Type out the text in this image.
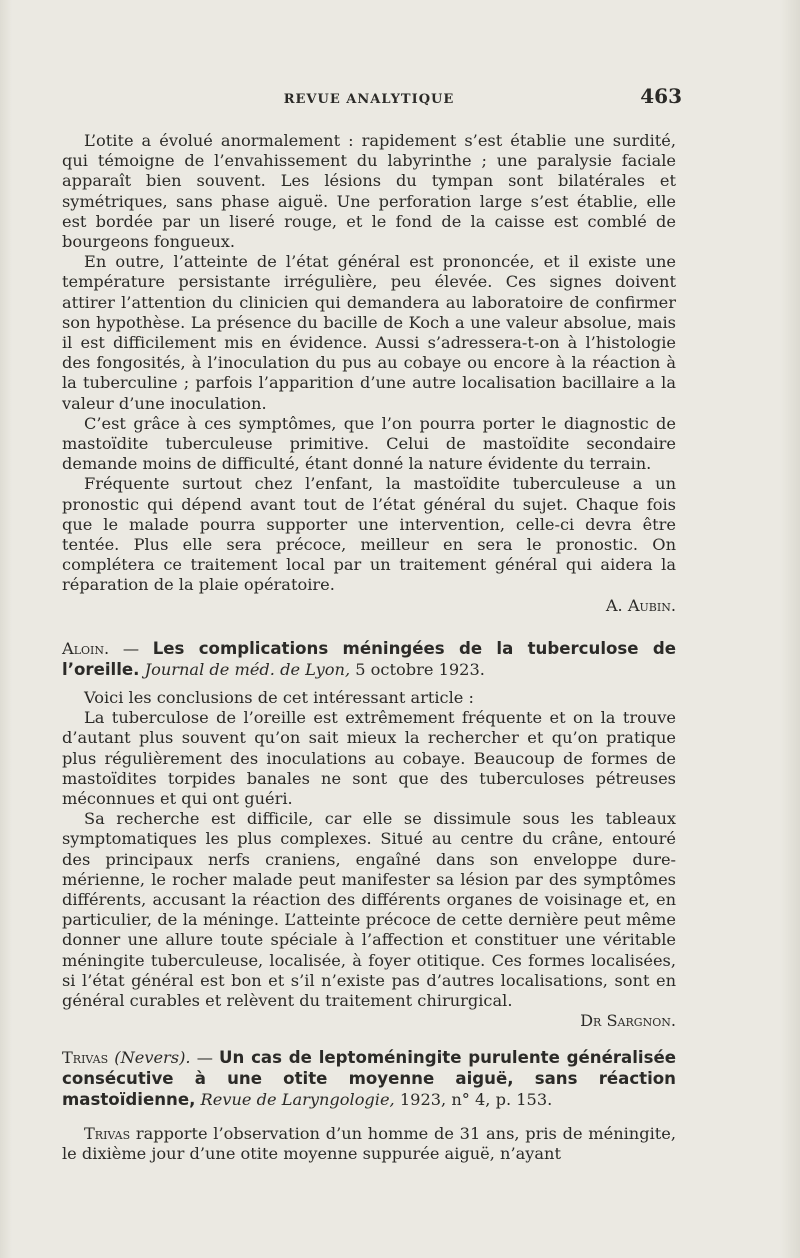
REVUE ANALYTIQUE	463

L’otite a évolué anormalement : rapidement s’est établie une surdité, qui témoigne de l’envahissement du labyrinthe ; une paralysie faciale apparaît bien souvent. Les lésions du tympan sont bilatérales et symétriques, sans phase aiguë. Une perforation large s’est établie, elle est bordée par un liseré rouge, et le fond de la caisse est comblé de bourgeons fongueux.

En outre, l’atteinte de l’état général est prononcée, et il existe une température persistante irrégulière, peu élevée. Ces signes doivent attirer l’attention du clinicien qui demandera au laboratoire de confirmer son hypothèse. La présence du bacille de Koch a une valeur absolue, mais il est difficilement mis en évidence. Aussi s’adressera-t-on à l’histologie des fongosités, à l’inoculation du pus au cobaye ou encore à la réaction à la tuberculine ; parfois l’apparition d’une autre localisation bacillaire a la valeur d’une inoculation.

C’est grâce à ces symptômes, que l’on pourra porter le diagnostic de mastoïdite tuberculeuse primitive. Celui de mastoïdite secondaire demande moins de difficulté, étant donné la nature évidente du terrain.

Fréquente surtout chez l’enfant, la mastoïdite tuberculeuse a un pronostic qui dépend avant tout de l’état général du sujet. Chaque fois que le malade pourra supporter une intervention, celle-ci devra être tentée. Plus elle sera précoce, meilleur en sera le pronostic. On complétera ce traitement local par un traitement général qui aidera la réparation de la plaie opératoire.

A. Aubin.

Aloin. — Les complications méningées de la tuberculose de l’oreille. Journal de méd. de Lyon, 5 octobre 1923.

Voici les conclusions de cet intéressant article :

La tuberculose de l’oreille est extrêmement fréquente et on la trouve d’autant plus souvent qu’on sait mieux la rechercher et qu’on pratique plus régulièrement des inoculations au cobaye. Beaucoup de formes de mastoïdites torpides banales ne sont que des tuberculoses pétreuses méconnues et qui ont guéri.

Sa recherche est difficile, car elle se dissimule sous les tableaux symptomatiques les plus complexes. Situé au centre du crâne, entouré des principaux nerfs craniens, engaîné dans son enveloppe dure-mérienne, le rocher malade peut manifester sa lésion par des symptômes différents, accusant la réaction des différents organes de voisinage et, en particulier, de la méninge. L’atteinte précoce de cette dernière peut même donner une allure toute spéciale à l’affection et constituer une véritable méningite tuberculeuse, localisée, à foyer otitique. Ces formes localisées, si l’état général est bon et s’il n’existe pas d’autres localisations, sont en général curables et relèvent du traitement chirurgical.

Dr Sargnon.

Trivas (Nevers). — Un cas de leptoméningite purulente généralisée consécutive à une otite moyenne aiguë, sans réaction mastoïdienne, Revue de Laryngologie, 1923, n° 4, p. 153.

Trivas rapporte l’observation d’un homme de 31 ans, pris de méningite, le dixième jour d’une otite moyenne suppurée aiguë, n’ayant
